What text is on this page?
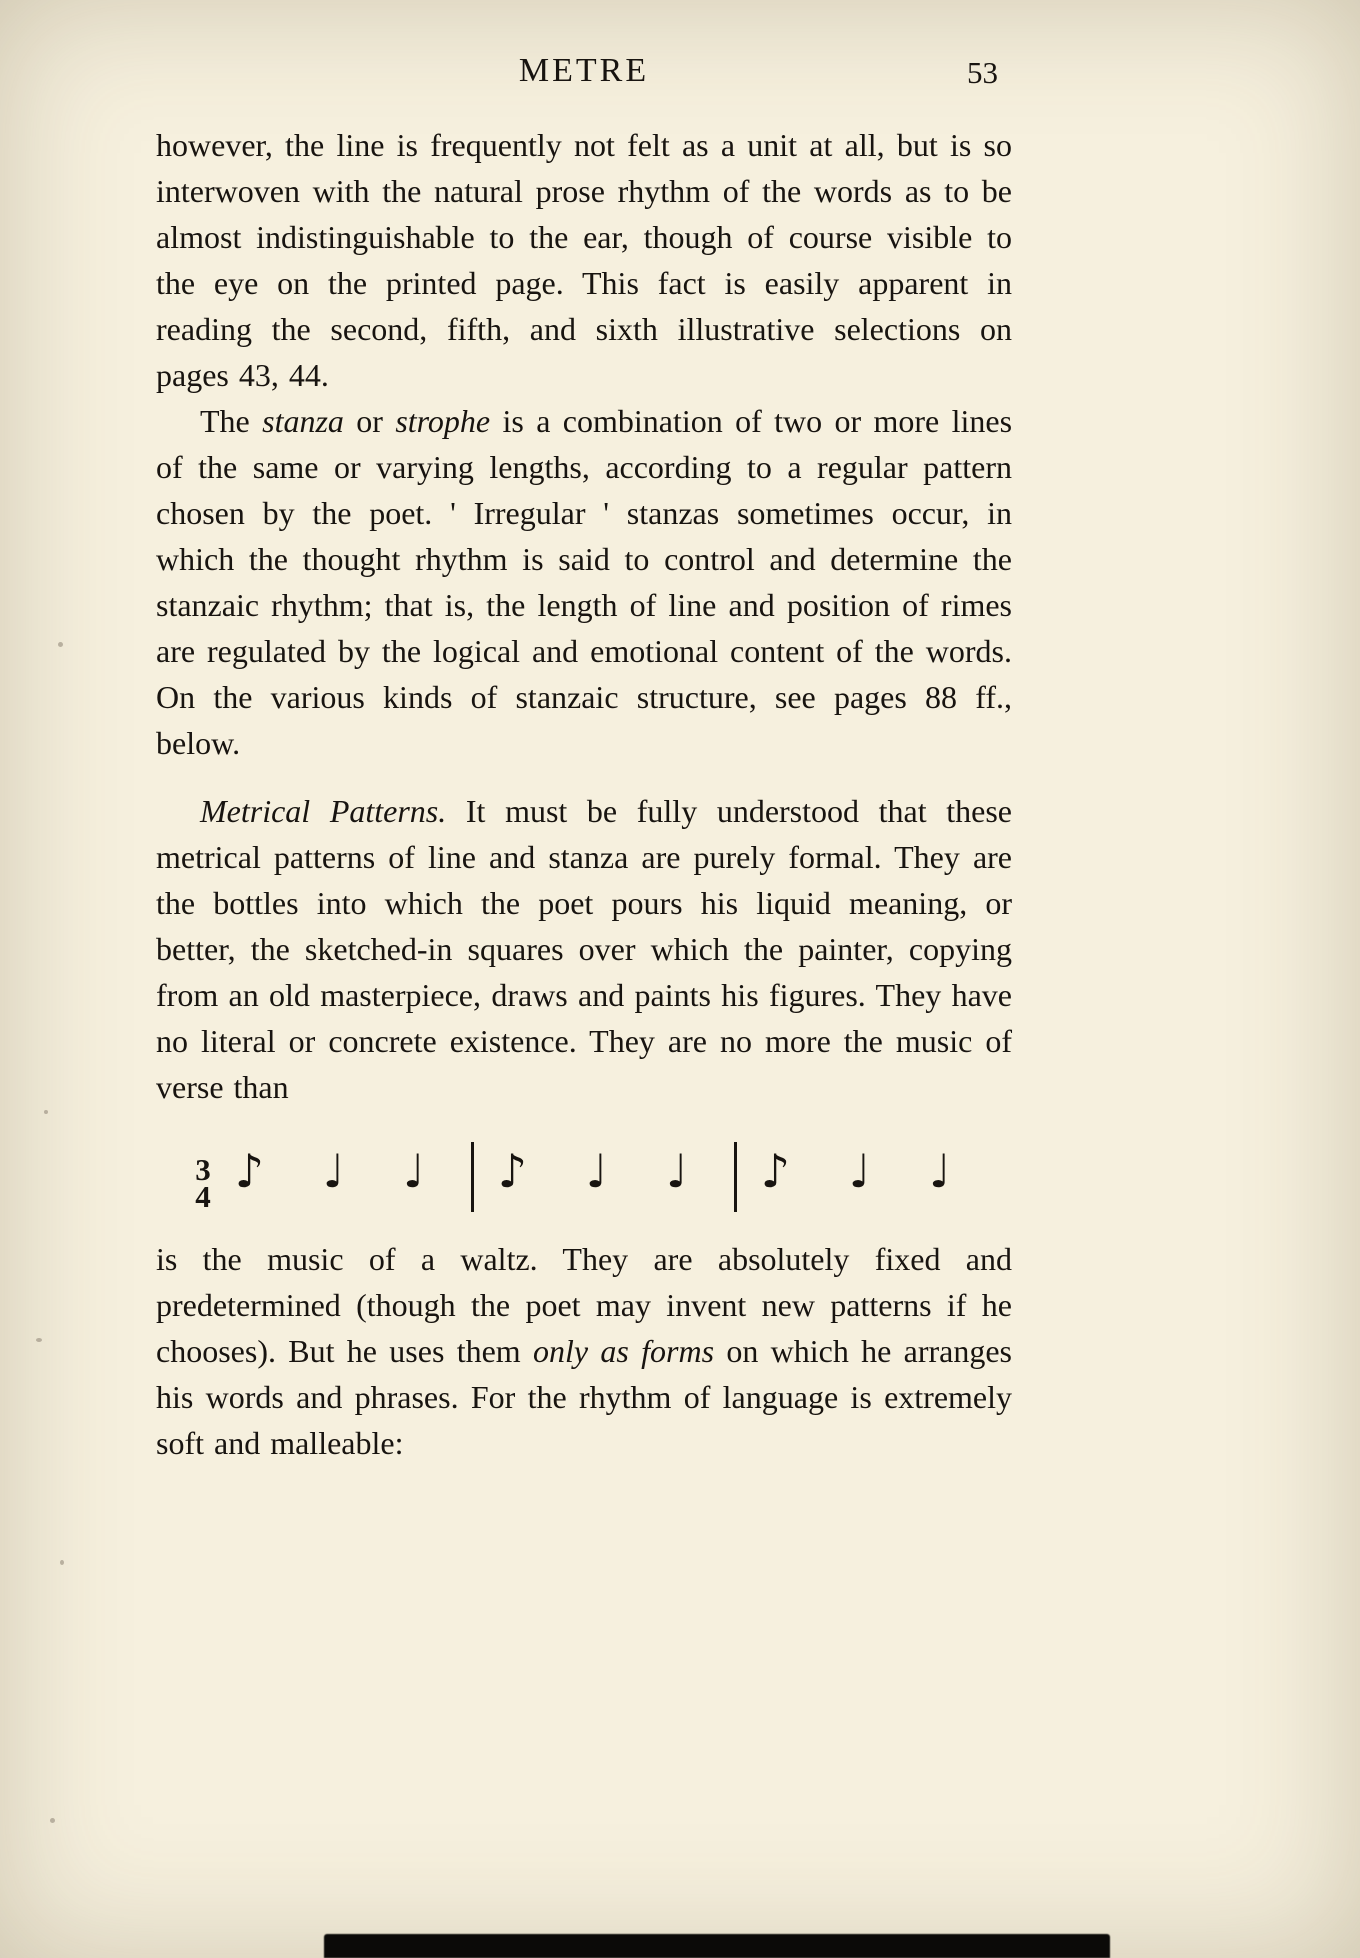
METRE	53

however, the line is frequently not felt as a unit at all, but is so interwoven with the natural prose rhythm of the words as to be almost indistinguishable to the ear, though of course visible to the eye on the printed page. This fact is easily apparent in reading the second, fifth, and sixth illustrative selections on pages 43, 44.

The stanza or strophe is a combination of two or more lines of the same or varying lengths, according to a regular pattern chosen by the poet. ' Irregular ' stanzas sometimes occur, in which the thought rhythm is said to control and determine the stanzaic rhythm; that is, the length of line and position of rimes are regulated by the logical and emotional content of the words. On the various kinds of stanzaic structure, see pages 88 ff., below.

Metrical Patterns. It must be fully understood that these metrical patterns of line and stanza are purely formal. They are the bottles into which the poet pours his liquid meaning, or better, the sketched-in squares over which the painter, copying from an old masterpiece, draws and paints his figures. They have no literal or concrete existence. They are no more the music of verse than

3
4 ♪ ♩ ♩ ♪ ♩ ♩ ♪ ♩ ♩

is the music of a waltz. They are absolutely fixed and predetermined (though the poet may invent new patterns if he chooses). But he uses them only as forms on which he arranges his words and phrases. For the rhythm of language is extremely soft and malleable:
